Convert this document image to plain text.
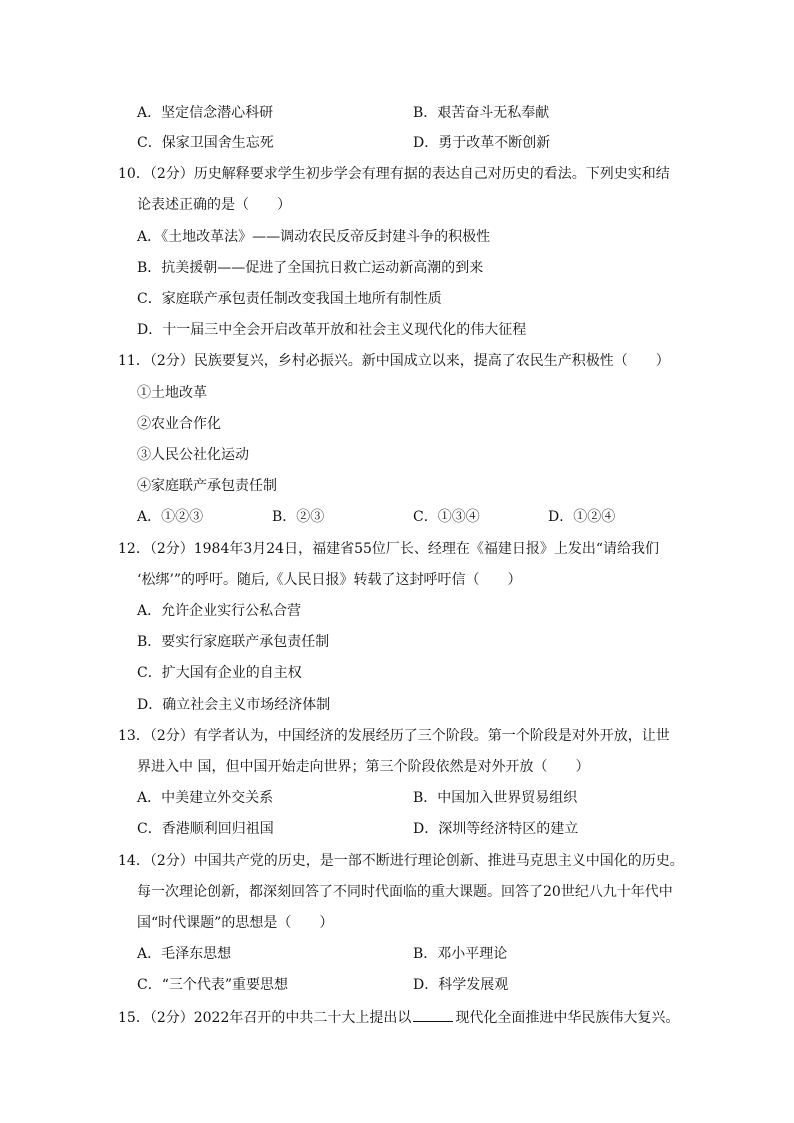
A．坚定信念潜心科研	B．艰苦奋斗无私奉献
C．保家卫国舍生忘死	D．勇于改革不断创新
10．（2分）历史解释要求学生初步学会有理有据的表达自己对历史的看法。下列史实和结
论表述正确的是（　　）
A．《土地改革法》——调动农民反帝反封建斗争的积极性
B．抗美援朝——促进了全国抗日救亡运动新高潮的到来
C．家庭联产承包责任制改变我国土地所有制性质
D．十一届三中全会开启改革开放和社会主义现代化的伟大征程
11．（2分）民族要复兴，乡村必振兴。新中国成立以来，提高了农民生产积极性（　　）
①土地改革
②农业合作化
③人民公社化运动
④家庭联产承包责任制
A．①②③	B．②③	C．①③④	D．①②④
12．（2分）1984年3月24日，福建省55位厂长、经理在《福建日报》上发出“请给我们
‘松绑’”的呼吁。随后,《人民日报》转载了这封呼吁信（　　）
A．允许企业实行公私合营
B．要实行家庭联产承包责任制
C．扩大国有企业的自主权
D．确立社会主义市场经济体制
13．（2分）有学者认为，中国经济的发展经历了三个阶段。第一个阶段是对外开放，让世
界进入中 国，但中国开始走向世界；第三个阶段依然是对外开放（　　）
A．中美建立外交关系	B．中国加入世界贸易组织
C．香港顺利回归祖国	D．深圳等经济特区的建立
14．（2分）中国共产党的历史，是一部不断进行理论创新、推进马克思主义中国化的历史。
每一次理论创新，都深刻回答了不同时代面临的重大课题。回答了20世纪八九十年代中
国“时代课题”的思想是（　　）
A．毛泽东思想	B．邓小平理论
C．“三个代表”重要思想	D．科学发展观
15．（2分）2022年召开的中共二十大上提出以	现代化全面推进中华民族伟大复兴。
